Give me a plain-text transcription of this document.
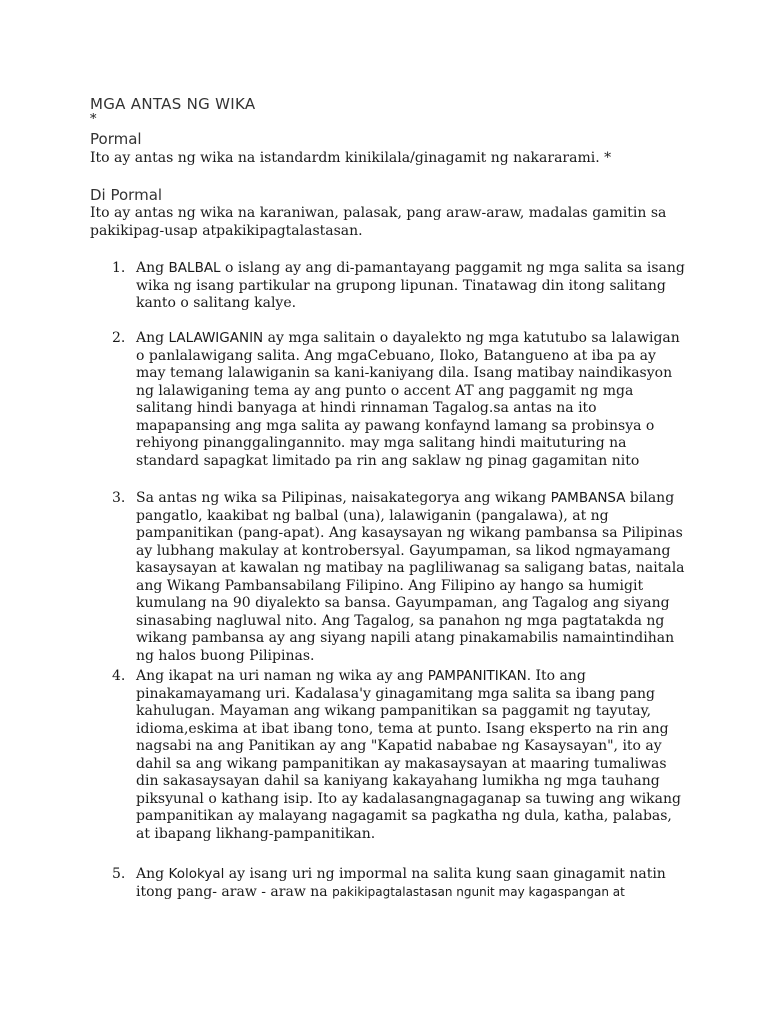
MGA ANTAS NG WIKA
*
Pormal

Ito ay antas ng wika na istandardm kinikilala/ginagamit ng nakararami. *

Di Pormal

Ito ay antas ng wika na karaniwan, palasak, pang araw-araw, madalas gamitin sa pakikipag-usap atpakikipagtalastasan.

1. Ang BALBAL o islang ay ang di-pamantayang paggamit ng mga salita sa isang wika ng isang partikular na grupong lipunan. Tinatawag din itong salitang kanto o salitang kalye.
2. Ang LALAWIGANIN ay mga salitain o dayalekto ng mga katutubo sa lalawigan o panlalawigang salita. Ang mgaCebuano, Iloko, Batangueno at iba pa ay may temang lalawiganin sa kani-kaniyang dila. Isang matibay naindikasyon ng lalawiganing tema ay ang punto o accent AT ang paggamit ng mga salitang hindi banyaga at hindi rinnaman Tagalog.sa antas na ito mapapansing ang mga salita ay pawang konfaynd lamang sa probinsya o rehiyong pinanggalingannito. may mga salitang hindi maituturing na standard sapagkat limitado pa rin ang saklaw ng pinag gagamitan nito
3. Sa antas ng wika sa Pilipinas, naisakategorya ang wikang PAMBANSA bilang pangatlo, kaakibat ng balbal (una), lalawiganin (pangalawa), at ng pampanitikan (pang-apat). Ang kasaysayan ng wikang pambansa sa Pilipinas ay lubhang makulay at kontrobersyal. Gayumpaman, sa likod ngmayamang kasaysayan at kawalan ng matibay na pagliliwanag sa saligang batas, naitala ang Wikang Pambansabilang Filipino. Ang Filipino ay hango sa humigit kumulang na 90 diyalekto sa bansa. Gayumpaman, ang Tagalog ang siyang sinasabing nagluwal nito. Ang Tagalog, sa panahon ng mga pagtatakda ng wikang pambansa ay ang siyang napili atang pinakamabilis namaintindihan ng halos buong Pilipinas.
4. Ang ikapat na uri naman ng wika ay ang PAMPANITIKAN. Ito ang pinakamayamang uri. Kadalasa'y ginagamitang mga salita sa ibang pang kahulugan. Mayaman ang wikang pampanitikan sa paggamit ng tayutay, idioma,eskima at ibat ibang tono, tema at punto. Isang eksperto na rin ang nagsabi na ang Panitikan ay ang "Kapatid nababae ng Kasaysayan", ito ay dahil sa ang wikang pampanitikan ay makasaysayan at maaring tumaliwas din sakasaysayan dahil sa kaniyang kakayahang lumikha ng mga tauhang piksyunal o kathang isip. Ito ay kadalasangnagaganap sa tuwing ang wikang pampanitikan ay malayang nagagamit sa pagkatha ng dula, katha, palabas, at ibapang likhang-pampanitikan.
5. Ang Kolokyal ay isang uri ng impormal na salita kung saan ginagamit natin itong pang- araw - araw na pakikipagtalastasan ngunit may kagaspangan at
